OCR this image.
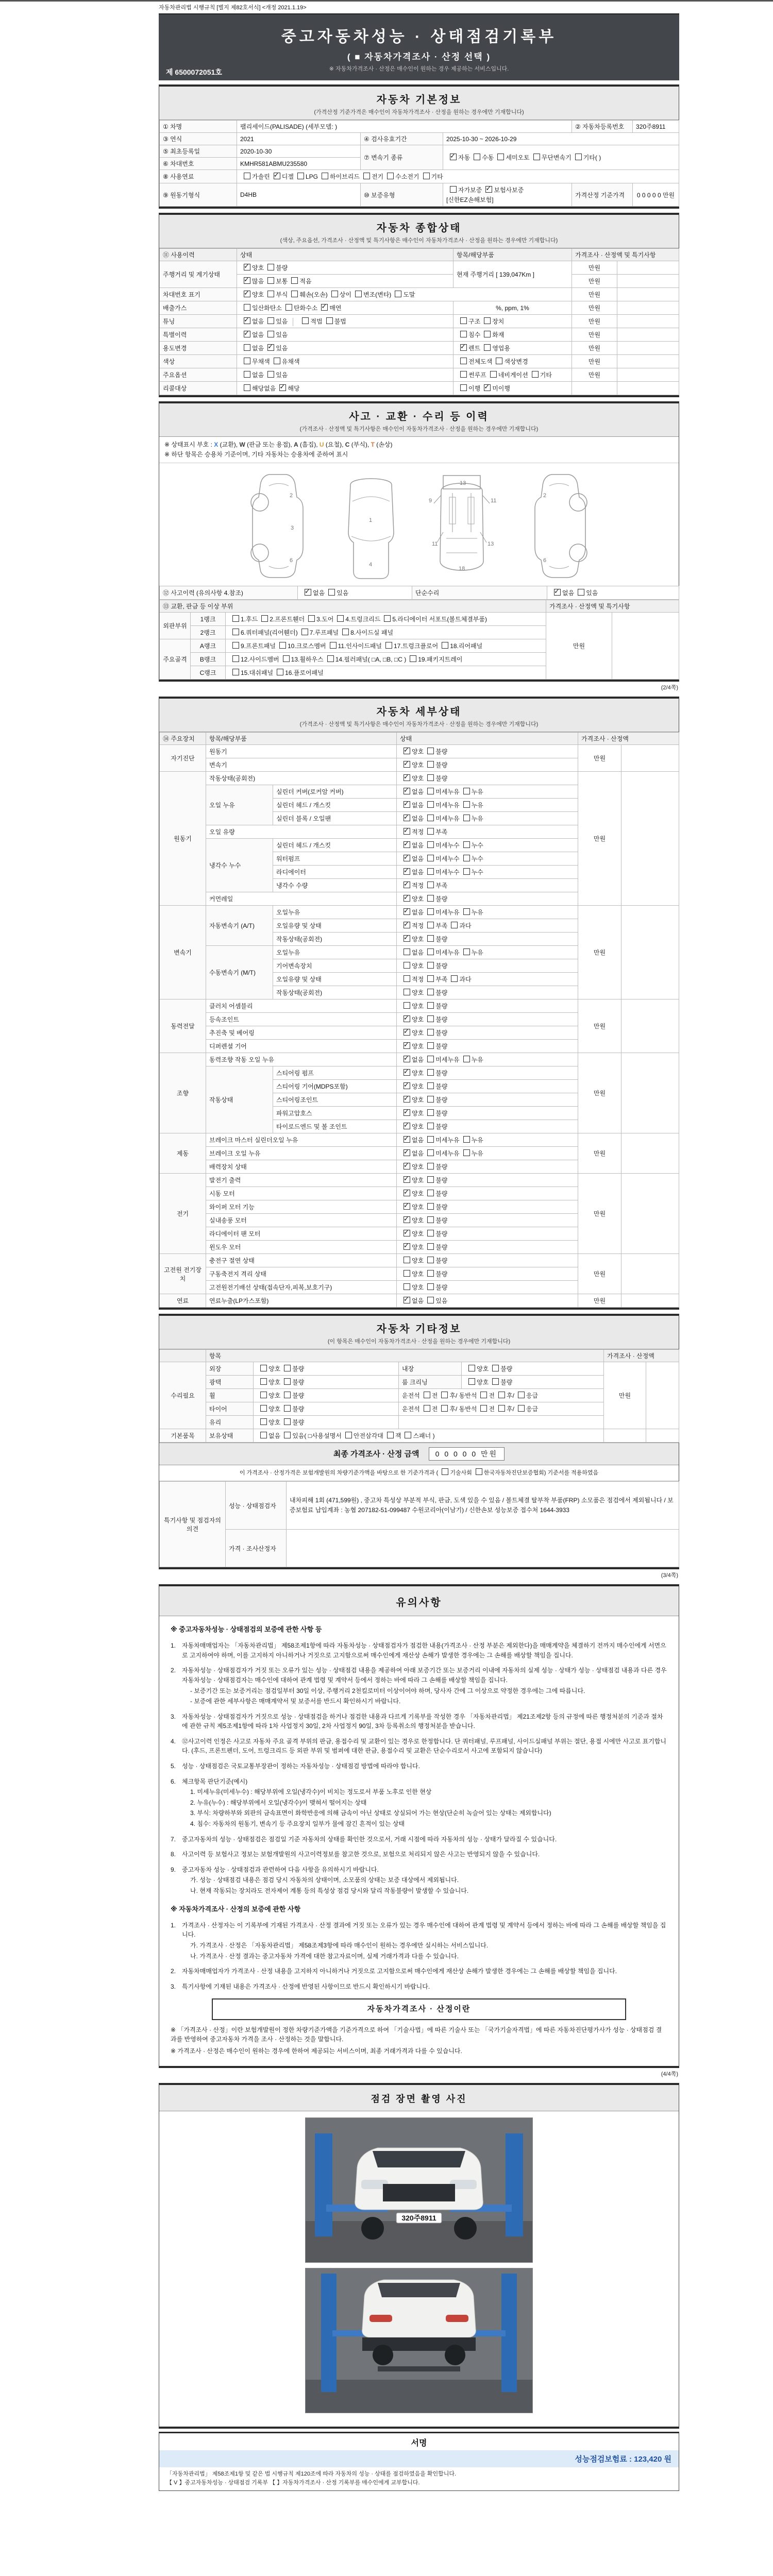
자동차관리법 시행규칙 [별지 제82호서식] <개정 2021.1.19>
중고자동차성능 · 상태점검기록부
( ■ 자동차가격조사 · 산정 선택 )
※ 자동차가격조사 · 산정은 매수인이 원하는 경우 제공하는 서비스입니다.
제 6500072051호
자동차 기본정보
(가격산정 기준가격은 매수인이 자동차가격조사 · 산정을 원하는 경우에만 기재합니다)
① 차명	팰리세이드(PALISADE) (세부모델: )			② 자동차등록번호	320주8911
③ 연식	2021	④ 검사유효기간	2025-10-30 ~ 2026-10-29		
⑤ 최초등록일	2020-10-30	⑦ 변속기 종류	✓자동 수동 세미오토 무단변속기 기타( )
⑥ 차대번호	KMHR581ABMU235580				
⑧ 사용연료	가솔린 ✓ 디젤 LPG 하이브리드 전기 수소전기 기타
⑨ 원동기형식	D4HB	⑩ 보증유형	자가보증 ✓ 보험사보증[신한EZ손해보험]	가격산정 기준가격	0 0 0 0 0 만원
자동차 종합상태
(색상, 주요옵션, 가격조사 · 산정액 및 특기사항은 매수인이 자동차가격조사 · 산정을 원하는 경우에만 기재합니다)
⑪ 사용이력	상태	항목/해당부품	가격조사 · 산정액 및 특기사항	
주행거리 및 계기상태	✓양호 불량	현재 주행거리 [ 139,047Km ]	만원	
✓많음 보통 적음		만원	
차대번호 표기	✓양호 부식 훼손(오손) 상이 변조(변타) 도말		만원	
배출가스	일산화탄소 탄화수소 ✓ 매연	%, ppm, 1%	만원	
튜닝	✓없음 있음 적법 불법	구조 장치	만원	
특별이력	✓없음 있음	침수 화재	만원	
용도변경	없음 ✓ 있음	✓렌트 영업용	만원	
색상	무채색 유채색	전체도색 색상변경	만원	
주요옵션	없음 있음	썬루프 네비게이션 기타	만원	
리콜대상	해당없음 ✓ 해당	이행 ✓ 미이행		
사고 · 교환 · 수리 등 이력
(가격조사 · 산정액 및 특기사항은 매수인이 자동차가격조사 · 산정을 원하는 경우에만 기재합니다)
※ 상태표시 부호 : X (교환), W (판금 또는 용접), A (흠집), U (요철), C (부식), T (손상)
※ 하단 항목은 승용차 기준이며, 기타 자동차는 승용차에 준하여 표시
2
3
6
1
4
9	11
11	13
13
18
2
6
⑫ 사고이력 (유의사항 4.참조)	✓없음 있음	단순수리	✓없음 있음
⑬ 교환, 판금 등 이상 부위			가격조사 · 산정액 및 특기사항	
외판부위	1랭크	1.후드 2.프론트휀더 3.도어 4.트렁크리드 5.라디에이터 서포트(볼트체결부품)	만원	
	2랭크	6.쿼터패널(리어휀더) 7.루프패널 8.사이드실 패널		
주요골격	A랭크	9.프론트패널 10.크로스멤버 11.인사이드패널 17.트렁크플로어 18.리어패널		
	B랭크	12.사이드멤버 13.휠하우스 14.필러패널( □A, □B, □C ) 19.패키지트레이		
	C랭크	15.대쉬패널 16.플로어패널		
(2/4쪽)
자동차 세부상태
(가격조사 · 산정액 및 특기사항은 매수인이 자동차가격조사 · 산정을 원하는 경우에만 기재합니다)
⑭ 주요장치	항목/해당부품		상태	가격조사 · 산정액	
자기진단	원동기	✓양호 불량	만원	
	변속기	✓양호 불량
원동기	작동상태(공회전)	✓양호 불량	만원	
	오일 누유	실린더 커버(로커암 커버)	✓없음 미세누유 누유
		실린더 헤드 / 개스킷	✓없음 미세누유 누유
		실린더 블록 / 오일팬	✓없음 미세누유 누유
	오일 유량	✓적정 부족
	냉각수 누수	실린더 헤드 / 개스킷	✓없음 미세누수 누수
		워터펌프	✓없음 미세누수 누수
		라디에이터	✓없음 미세누수 누수
		냉각수 수량	✓적정 부족
	커먼레일	✓양호 불량
변속기	자동변속기 (A/T)	오일누유	✓없음 미세누유 누유	만원	
		오일유량 및 상태	✓적정 부족 과다
		작동상태(공회전)	✓양호 불량
	수동변속기 (M/T)	오일누유	없음 미세누유 누유		
		기어변속장치	양호 불량		
		오일유량 및 상태	적정 부족 과다		
		작동상태(공회전)	양호 불량		
동력전달	클러치 어셈블리		양호 불량	만원	
	등속조인트	✓양호 불량
	추진축 및 베어링	✓양호 불량
	디퍼렌셜 기어	✓양호 불량
조향	동력조향 작동 오일 누유	✓없음 미세누유 누유	만원	
	작동상태	스티어링 펌프	✓양호 불량
		스티어링 기어(MDPS포함)	✓양호 불량
		스티어링조인트	✓양호 불량
		파워고압호스	✓양호 불량
		타이로드엔드 및 볼 조인트	✓양호 불량
제동	브레이크 마스터 실린더오일 누유	✓없음 미세누유 누유	만원	
	브레이크 오일 누유	✓없음 미세누유 누유
	배력장치 상태	✓양호 불량
전기	발전기 출력	✓양호 불량	만원	
	시동 모터	✓양호 불량
	와이퍼 모터 기능	✓양호 불량
	실내송풍 모터	✓양호 불량
	라디에이터 팬 모터	✓양호 불량
	윈도우 모터	✓양호 불량
고전원 전기장치	충전구 절연 상태		양호 불량	만원	
	구동축전지 격리 상태		양호 불량		
	고전원전기배선 상태(접속단자,피복,보호기구)		양호 불량		
연료	연료누출(LP가스포함)	✓없음 있음	만원	
자동차 기타정보
(이 항목은 매수인이 자동차가격조사 · 산정을 원하는 경우에만 기재합니다)
	항목				가격조사 · 산정액	
수리필요	외장	양호 불량	내장	양호 불량	만원	
	광택	양호 불량	룸 크리닝	양호 불량		
	휠	양호 불량	운전석 전 후/ 동반석 전 후/ 응급			
	타이어	양호 불량	운전석 전 후/ 동반석 전 후/ 응급			
	유리	양호 불량				
기본품목	보유상태	없음 있음( □사용설명서 안전삼각대 잭 스패너 )				
최종 가격조사 · 산정 금액 0 0 0 0 0 만원
이 가격조사 · 산정가격은 보험개발원의 차량기준가액을 바탕으로 한 기준가격과 ( 기술사회 한국자동차진단보증협회) 기준서를 적용하였음
특기사항 및 점검자의 의견	성능 · 상태점검자	내차피해 1회 (471,599원) , 중고차 특성상 부분적 부식, 판금, 도색 있을 수 있음 / 볼트체결 탈부착 부품(FRP) 소모품은 점검에서 제외됩니다 / 보증보험료 납입계좌 : 농협 207182-51-099487 수원코리아(이남기) / 신한손보 성능보증 접수처 1644-3933
	가격 · 조사산정자	
(3/4쪽)
유의사항
※ 중고자동차성능 · 상태점검의 보증에 관한 사항 등
1. 자동차매매업자는 「자동차관리법」 제58조제1항에 따라 자동차성능 · 상태점검자가 점검한 내용(가격조사 · 산정 부분은 제외한다)을 매매계약을 체결하기 전까지 매수인에게 서면으로 고지하여야 하며, 이를 고지하지 아니하거나 거짓으로 고지함으로써 매수인에게 재산상 손해가 발생한 경우에는 그 손해를 배상할 책임을 집니다.
2. 자동차성능 · 상태점검자가 거짓 또는 오류가 있는 성능 · 상태점검 내용을 제공하여 아래 보증기간 또는 보증거리 이내에 자동차의 실제 성능 · 상태가 성능 · 상태점검 내용과 다른 경우 자동차성능 · 상태점검자는 매수인에 대하여 관계 법령 및 계약서 등에서 정하는 바에 따라 그 손해를 배상할 책임을 집니다.
- 보증기간 또는 보증거리는 점검일부터 30일 이상, 주행거리 2천킬로미터 이상이어야 하며, 당사자 간에 그 이상으로 약정한 경우에는 그에 따릅니다.
- 보증에 관한 세부사항은 매매계약서 및 보증서를 반드시 확인하시기 바랍니다.
3. 자동차성능 · 상태점검자가 거짓으로 성능 · 상태점검을 하거나 점검한 내용과 다르게 기록부를 작성한 경우 「자동차관리법」 제21조제2항 등의 규정에 따른 행정처분의 기준과 절차에 관한 규칙 제5조제1항에 따라 1차 사업정지 30일, 2차 사업정지 90일, 3차 등록취소의 행정처분을 받습니다.
4. ⑫사고이력 인정은 사고로 자동차 주요 골격 부위의 판금, 용접수리 및 교환이 있는 경우로 한정합니다. 단 쿼터패널, 루프패널, 사이드실패널 부위는 절단, 용접 시에만 사고로 표기합니다. (후드, 프론트펜더, 도어, 트렁크리드 등 외판 부위 및 범퍼에 대한 판금, 용접수리 및 교환은 단순수리로서 사고에 포함되지 않습니다)
5. 성능 · 상태점검은 국토교통부장관이 정하는 자동차성능 · 상태점검 방법에 따라야 합니다.
6. 체크항목 판단기준(예시)
1. 미세누유(미세누수) : 해당부위에 오일(냉각수)이 비치는 정도로서 부품 노후로 인한 현상
2. 누유(누수) : 해당부위에서 오일(냉각수)이 맺혀서 떨어지는 상태
3. 부식: 차량하부와 외판의 금속표면이 화학반응에 의해 금속이 아닌 상태로 상실되어 가는 현상(단순히 녹슬어 있는 상태는 제외합니다)
4. 침수: 자동차의 원동기, 변속기 등 주요장치 일부가 물에 잠긴 흔적이 있는 상태
7. 중고자동차의 성능 · 상태점검은 점검일 기준 자동차의 상태를 확인한 것으로서, 거래 시점에 따라 자동차의 성능 · 상태가 달라질 수 있습니다.
8. 사고이력 등 보험사고 정보는 보험개발원의 사고이력정보를 참고한 것으로, 보험으로 처리되지 않은 사고는 반영되지 않을 수 있습니다.
9. 중고자동차 성능 · 상태점검과 관련하여 다음 사항을 유의하시기 바랍니다.
가. 성능 · 상태점검 내용은 점검 당시 자동차의 상태이며, 소모품의 상태는 보증 대상에서 제외됩니다.
나. 현재 작동되는 장치라도 전자제어 계통 등의 특성상 점검 당시와 달리 작동불량이 발생할 수 있습니다.
※ 자동차가격조사 · 산정의 보증에 관한 사항
1. 가격조사 · 산정자는 이 기록부에 기재된 가격조사 · 산정 결과에 거짓 또는 오류가 있는 경우 매수인에 대하여 관계 법령 및 계약서 등에서 정하는 바에 따라 그 손해를 배상할 책임을 집니다.
가. 가격조사 · 산정은 「자동차관리법」 제58조제3항에 따라 매수인이 원하는 경우에만 실시하는 서비스입니다.
나. 가격조사 · 산정 결과는 중고자동차 가격에 대한 참고자료이며, 실제 거래가격과 다를 수 있습니다.
2. 자동차매매업자가 가격조사 · 산정 내용을 고지하지 아니하거나 거짓으로 고지함으로써 매수인에게 재산상 손해가 발생한 경우에는 그 손해를 배상할 책임을 집니다.
3. 특기사항에 기재된 내용은 가격조사 · 산정에 반영된 사항이므로 반드시 확인하시기 바랍니다.
자동차가격조사 · 산정이란
※ 「가격조사 · 산정」이란 보험개발원이 정한 차량기준가액을 기준가격으로 하여 「기술사법」에 따른 기술사 또는 「국가기술자격법」에 따른 자동차진단평가사가 성능 · 상태점검 결과를 반영하여 중고자동차 가격을 조사 · 산정하는 것을 말합니다.
※ 가격조사 · 산정은 매수인이 원하는 경우에 한하여 제공되는 서비스이며, 최종 거래가격과 다를 수 있습니다.
(4/4쪽)
점검 장면 촬영 사진
320주8911
서명
성능점검보험료 : 123,420 원
「자동차관리법」 제58조제1항 및 같은 법 시행규칙 제120조에 따라 자동차의 성능 · 상태를 점검하였음을 확인합니다.
【 V 】중고자동차성능 · 상태점검 기록부 【 】자동차가격조사 · 산정 기록부를 매수인에게 교부합니다.
